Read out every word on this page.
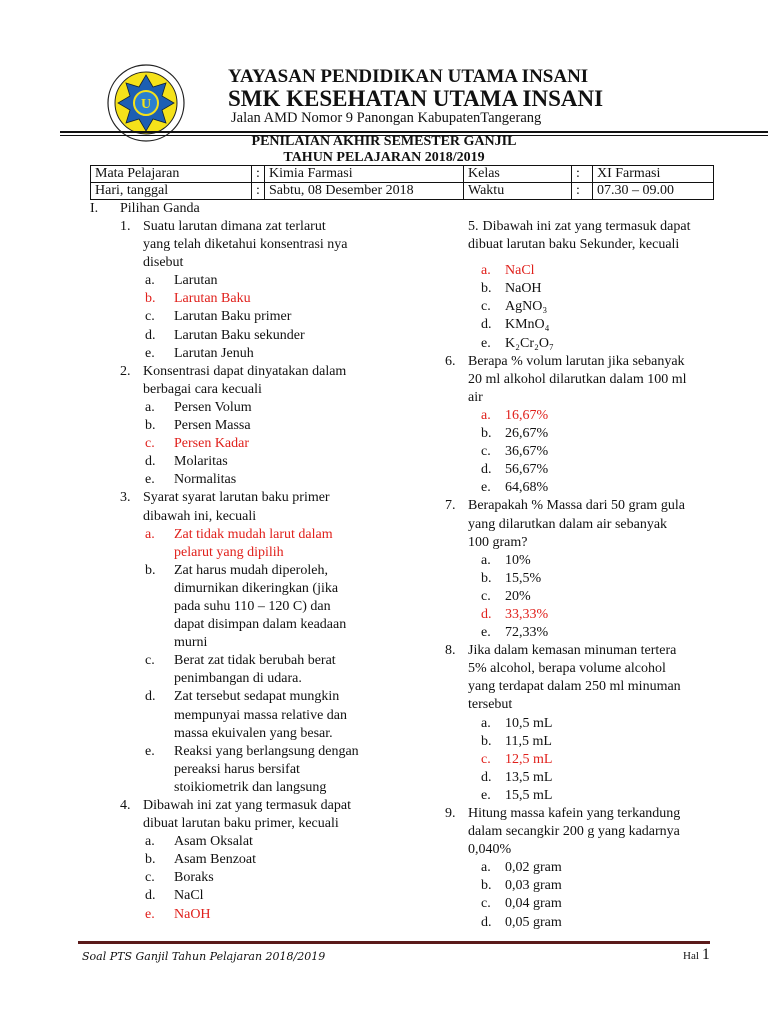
U
YAYASAN PENDIDIKAN UTAMA INSANI
SMK KESEHATAN UTAMA INSANI
Jalan AMD Nomor 9 Panongan KabupatenTangerang
PENILAIAN AKHIR SEMESTER GANJIL
TAHUN PELAJARAN 2018/2019
Mata Pelajaran	:	Kimia Farmasi	Kelas	:	XI Farmasi
Hari, tanggal	:	Sabtu, 08 Desember 2018	Waktu	:	07.30 – 09.00
I. Pilihan Ganda
1. Suatu larutan dimana zat terlarut
yang telah diketahui konsentrasi nya
disebut
a. Larutan
b. Larutan Baku
c. Larutan Baku primer
d. Larutan Baku sekunder
e. Larutan Jenuh
2. Konsentrasi dapat dinyatakan dalam
berbagai cara kecuali
a. Persen Volum
b. Persen Massa
c. Persen Kadar
d. Molaritas
e. Normalitas
3. Syarat syarat larutan baku primer
dibawah ini, kecuali
a. Zat tidak mudah larut dalam
pelarut yang dipilih
b. Zat harus mudah diperoleh,
dimurnikan dikeringkan (jika
pada suhu 110 – 120 C) dan
dapat disimpan dalam keadaan
murni
c. Berat zat tidak berubah berat
penimbangan di udara.
d. Zat tersebut sedapat mungkin
mempunyai massa relative dan
massa ekuivalen yang besar.
e. Reaksi yang berlangsung dengan
pereaksi harus bersifat
stoikiometrik dan langsung
4. Dibawah ini zat yang termasuk dapat
dibuat larutan baku primer, kecuali
a. Asam Oksalat
b. Asam Benzoat
c. Boraks
d. NaCl
e. NaOH
5. Dibawah ini zat yang termasuk dapat
dibuat larutan baku Sekunder, kecuali
a. NaCl
b. NaOH
c. AgNO₃
d. KMnO₄
e. K₂Cr₂O₇
6. Berapa % volum larutan jika sebanyak
20 ml alkohol dilarutkan dalam 100 ml
air
a. 16,67%
b. 26,67%
c. 36,67%
d. 56,67%
e. 64,68%
7. Berapakah % Massa dari 50 gram gula
yang dilarutkan dalam air sebanyak
100 gram?
a. 10%
b. 15,5%
c. 20%
d. 33,33%
e. 72,33%
8. Jika dalam kemasan minuman tertera
5% alcohol, berapa volume alcohol
yang terdapat dalam 250 ml minuman
tersebut
a. 10,5 mL
b. 11,5 mL
c. 12,5 mL
d. 13,5 mL
e. 15,5 mL
9. Hitung massa kafein yang terkandung
dalam secangkir 200 g yang kadarnya
0,040%
a. 0,02 gram
b. 0,03 gram
c. 0,04 gram
d. 0,05 gram
Soal PTS Ganjil Tahun Pelajaran 2018/2019	Hal 1
